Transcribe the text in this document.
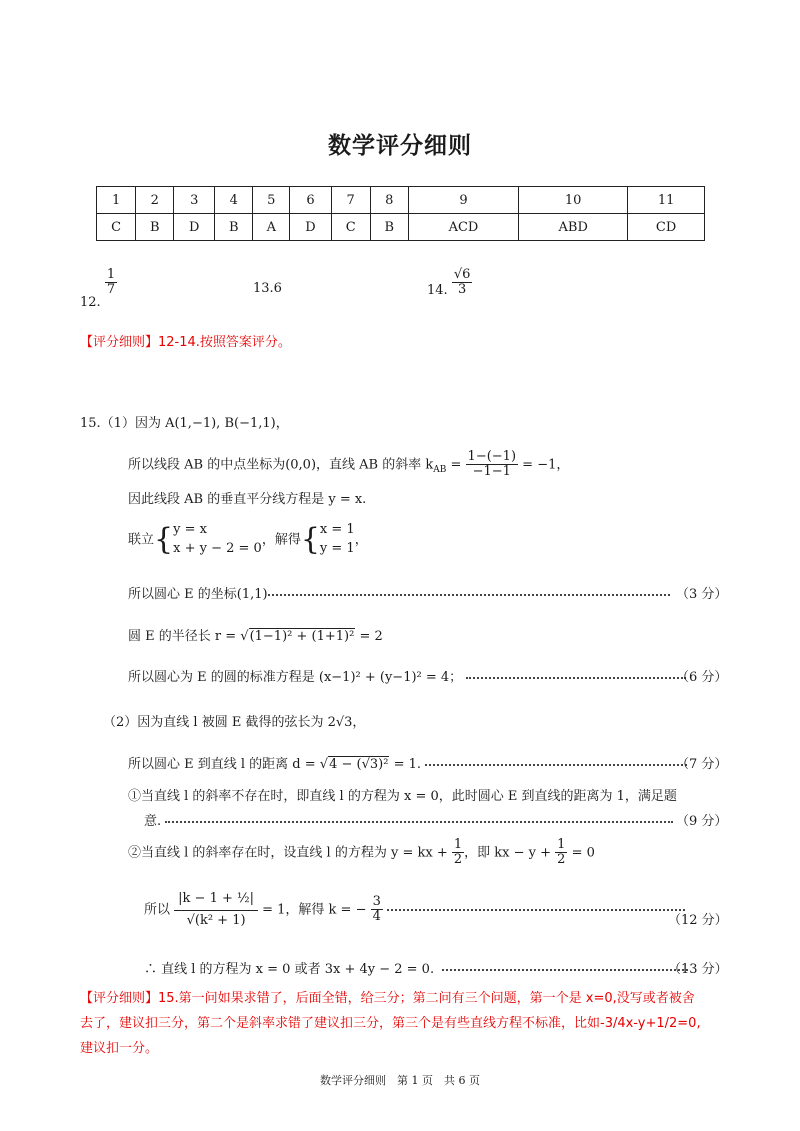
数学评分细则
1	2	3	4	5	6	7	8	9	10	11
C	B	D	B	A	D	C	B	ACD	ABD	CD
12.
$\frac{1}{7}$	13.6	14. $\frac{√6}{3}$
【评分细则】12-14.按照答案评分。
15.（1）因为 A(1,−1), B(−1,1)，
所以线段 AB 的中点坐标为(0,0)，直线 AB 的斜率 $k_{AB} = \frac{1-(-1)}{-1-1} = -1$，
因此线段 AB 的垂直平分线方程是 y = x.
联立{ y = x
x + y − 2 = 0
，解得{ x = 1
y = 1
，
所以圆心 E 的坐标(1,1)	（3 分）
圆 E 的半径长 r = √(1−1)² + (1+1)² = 2
所以圆心为 E 的圆的标准方程是 (x−1)² + (y−1)² = 4；	（6 分）
（2）因为直线 l 被圆 E 截得的弦长为 2√3，
所以圆心 E 到直线 l 的距离 d = √4 − (√3)² = 1.	（7 分）
①当直线 l 的斜率不存在时，即直线 l 的方程为 x = 0，此时圆心 E 到直线的距离为 1，满足题
意.	（9 分）
②当直线 l 的斜率存在时，设直线 l 的方程为 y = kx + $\frac{1}{2}$ ，即 kx − $y + \frac{1}{2} = 0$
所以 $\frac{\text{|k − 1 + ½|}}{\text{√(k² + 1)}} = 1$，解得 k = − $\frac{3}{4}$	（12 分）
∴ 直线 l 的方程为 x = 0 或者 3x + 4y − 2 = 0.	（13 分）
【评分细则】15.第一问如果求错了，后面全错，给三分；第二问有三个问题，第一个是 x=0,没写或者被舍
去了，建议扣三分，第二个是斜率求错了建议扣三分，第三个是有些直线方程不标准，比如-3/4x-y+1/2=0,
建议扣一分。
数学评分细则　第 1 页　共 6 页
